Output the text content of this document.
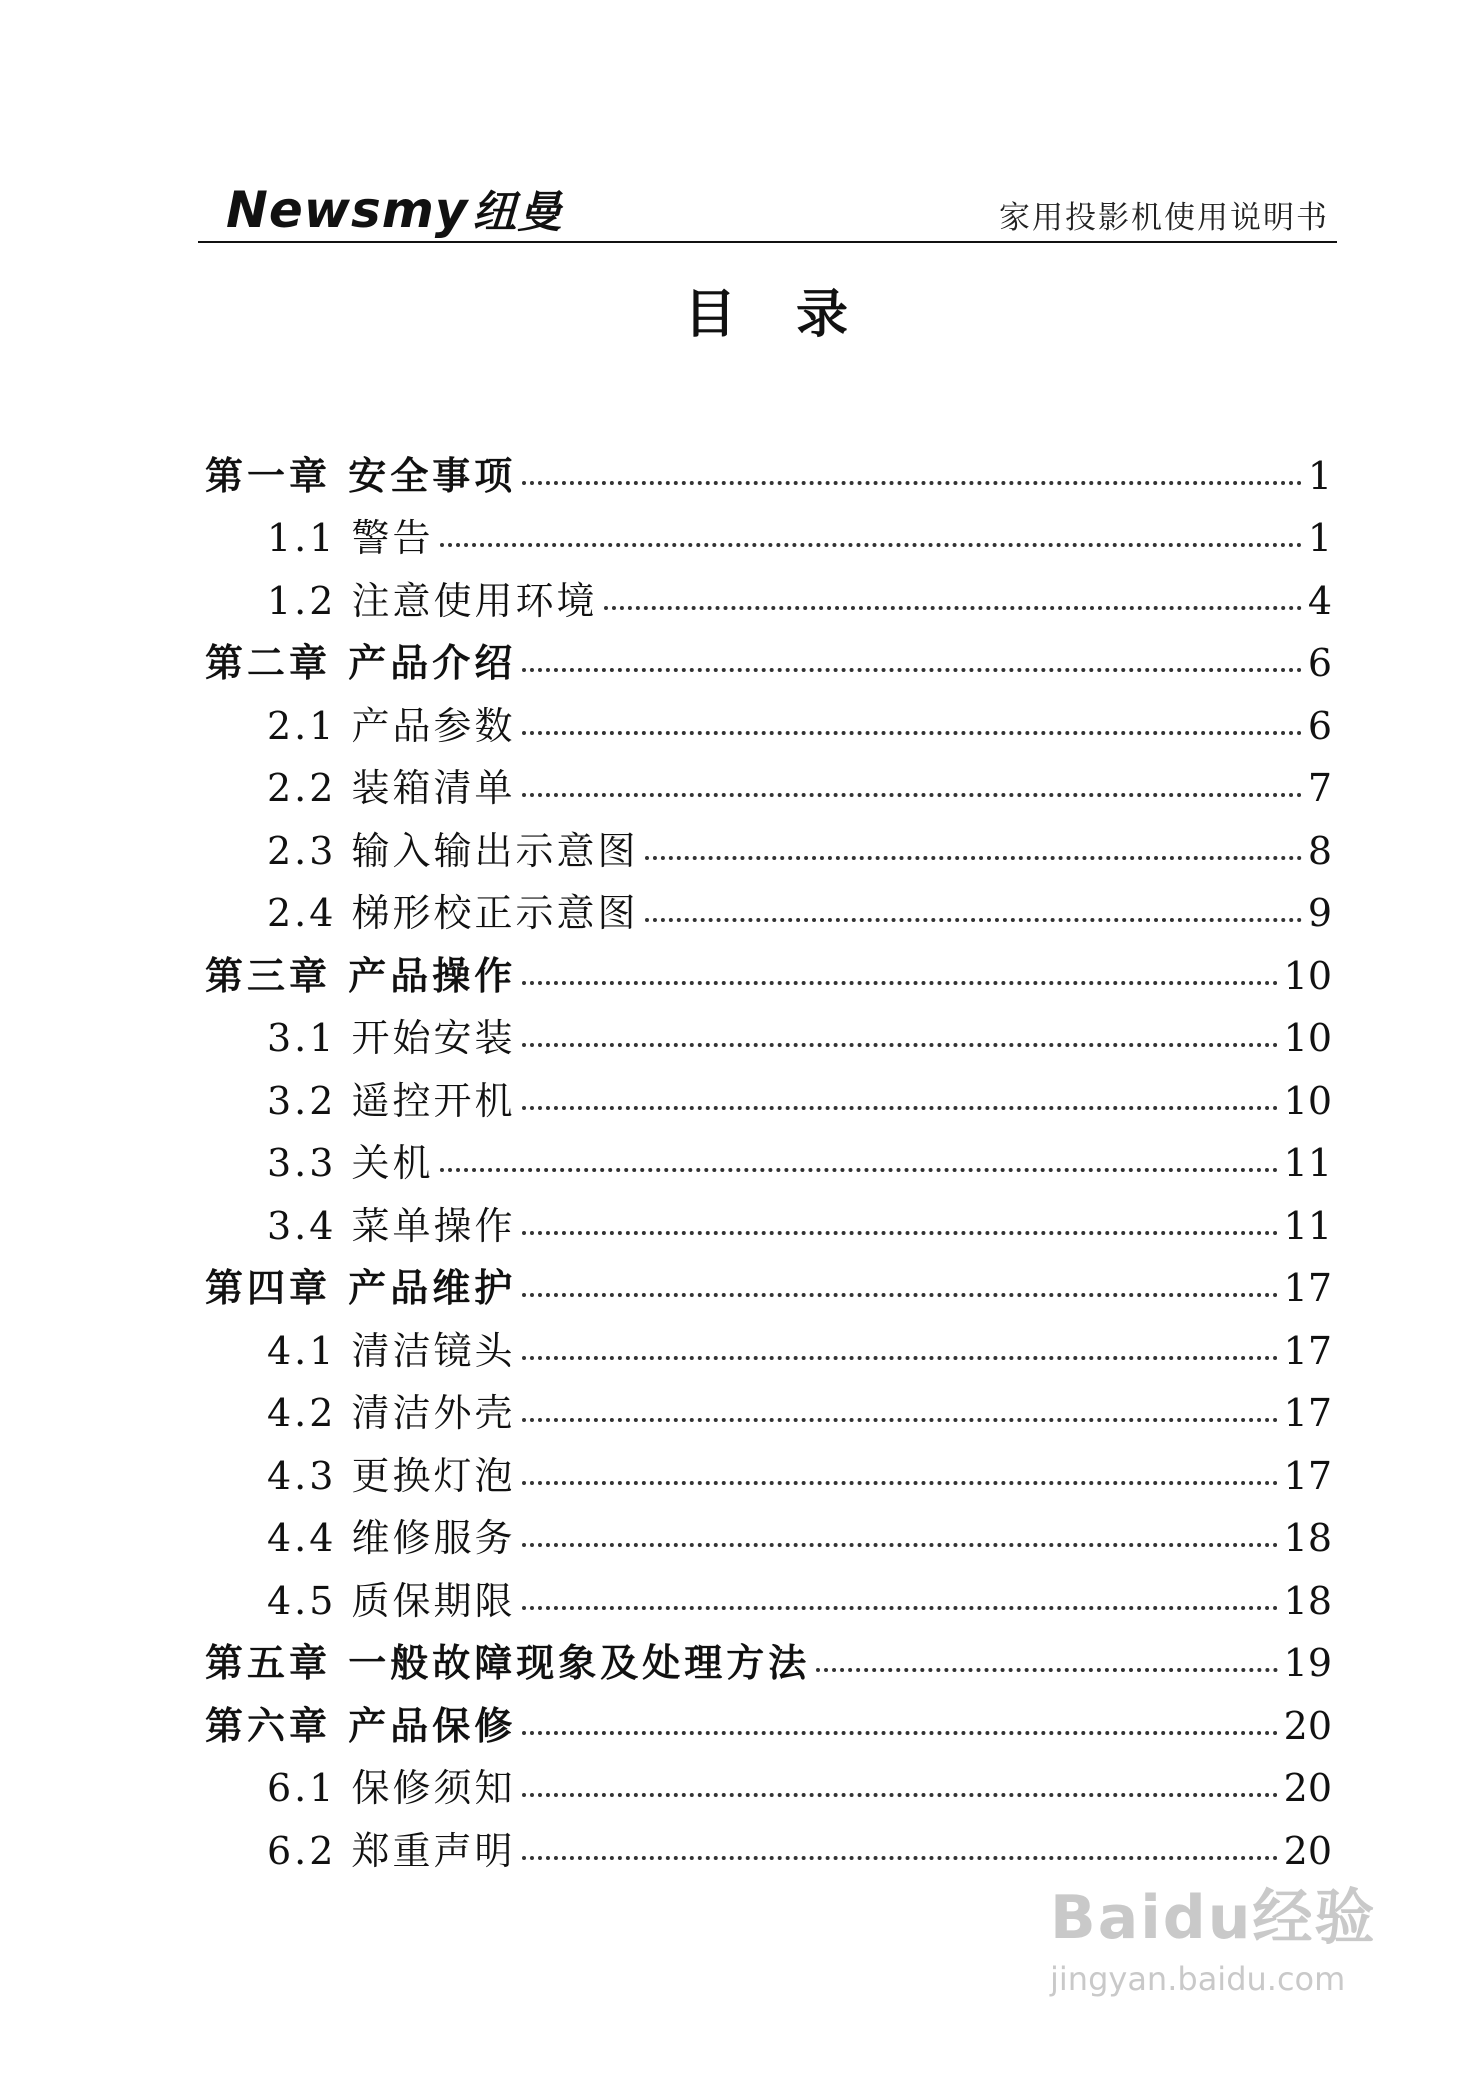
Newsmy纽曼	家用投影机使用说明书
目录
第一章 安全事项	1
1.1 警告	1
1.2 注意使用环境	4
第二章 产品介绍	6
2.1 产品参数	6
2.2 装箱清单	7
2.3 输入输出示意图	8
2.4 梯形校正示意图	9
第三章 产品操作	10
3.1 开始安装	10
3.2 遥控开机	10
3.3 关机	11
3.4 菜单操作	11
第四章 产品维护	17
4.1 清洁镜头	17
4.2 清洁外壳	17
4.3 更换灯泡	17
4.4 维修服务	18
4.5 质保期限	18
第五章 一般故障现象及处理方法	19
第六章 产品保修	20
6.1 保修须知	20
6.2 郑重声明	20
Baidu经验
jingyan.baidu.com
